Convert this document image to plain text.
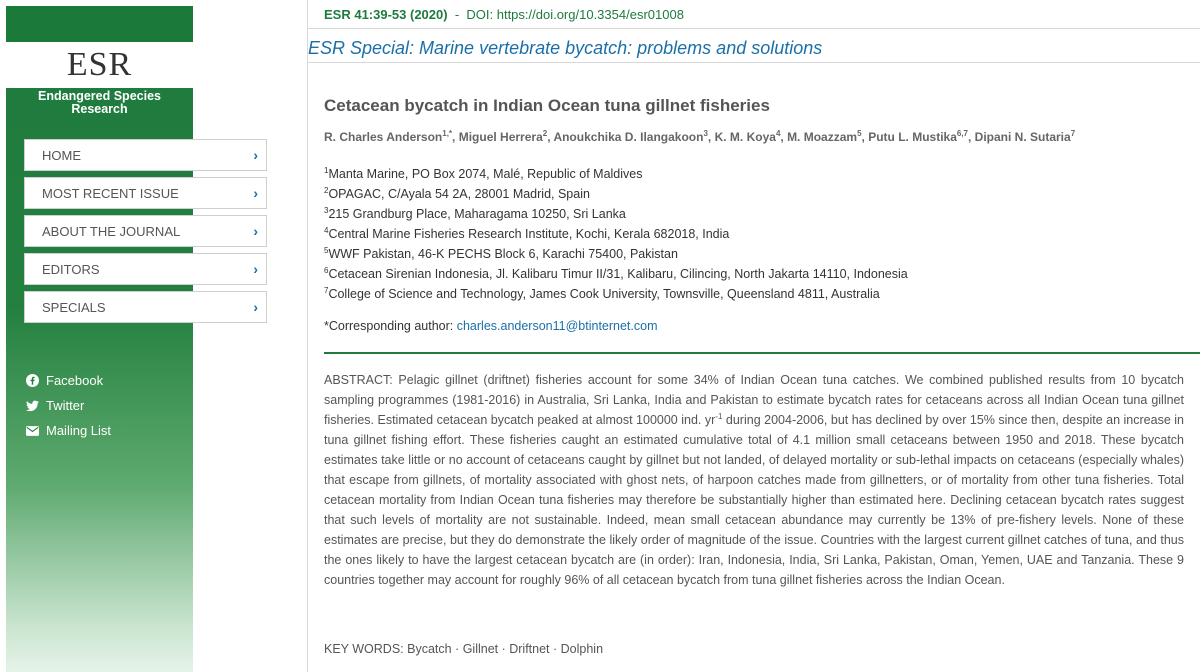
ESR
Endangered Species
Research
HOME	›
MOST RECENT ISSUE	›
ABOUT THE JOURNAL	›
EDITORS	›
SPECIALS	›
Facebook
Twitter
Mailing List
ESR 41:39-53 (2020) - DOI: https://doi.org/10.3354/esr01008
ESR Special: Marine vertebrate bycatch: problems and solutions
Cetacean bycatch in Indian Ocean tuna gillnet fisheries
R. Charles Anderson$^{1,*}$, Miguel Herrera$^2$, Anoukchika D. Ilangakoon$^3$, K. M. Koya$^4$, M. Moazzam$^5$, Putu L. Mustika$^{6,7}$, Dipani N. Sutaria$^7$
$^1$Manta Marine, PO Box 2074, Malé, Republic of Maldives
$^2$OPAGAC, C/Ayala 54 2A, 28001 Madrid, Spain
$^3$215 Grandburg Place, Maharagama 10250, Sri Lanka
$^4$Central Marine Fisheries Research Institute, Kochi, Kerala 682018, India
$^5$WWF Pakistan, 46-K PECHS Block 6, Karachi 75400, Pakistan
$^6$Cetacean Sirenian Indonesia, Jl. Kalibaru Timur II/31, Kalibaru, Cilincing, North Jakarta 14110, Indonesia
$^7$College of Science and Technology, James Cook University, Townsville, Queensland 4811, Australia
*Corresponding author: charles.anderson11@btinternet.com
ABSTRACT: Pelagic gillnet (driftnet) fisheries account for some 34% of Indian Ocean tuna catches. We combined published results from 10 bycatch sampling programmes (1981-2016) in Australia, Sri Lanka, India and Pakistan to estimate bycatch rates for cetaceans across all Indian Ocean tuna gillnet fisheries. Estimated cetacean bycatch peaked at almost 100000 ind. $yr^{-1}$ during 2004-2006, but has declined by over 15% since then, despite an increase in tuna gillnet fishing effort. These fisheries caught an estimated cumulative total of 4.1 million small cetaceans between 1950 and 2018. These bycatch estimates take little or no account of cetaceans caught by gillnet but not landed, of delayed mortality or sub-lethal impacts on cetaceans (especially whales) that escape from gillnets, of mortality associated with ghost nets, of harpoon catches made from gillnetters, or of mortality from other tuna fisheries. Total cetacean mortality from Indian Ocean tuna fisheries may therefore be substantially higher than estimated here. Declining cetacean bycatch rates suggest that such levels of mortality are not sustainable. Indeed, mean small cetacean abundance may currently be 13% of pre-fishery levels. None of these estimates are precise, but they do demonstrate the likely order of magnitude of the issue. Countries with the largest current gillnet catches of tuna, and thus the ones likely to have the largest cetacean bycatch are (in order): Iran, Indonesia, India, Sri Lanka, Pakistan, Oman, Yemen, UAE and Tanzania. These 9 countries together may account for roughly 96% of all cetacean bycatch from tuna gillnet fisheries across the Indian Ocean.
KEY WORDS: Bycatch · Gillnet · Driftnet · Dolphin
